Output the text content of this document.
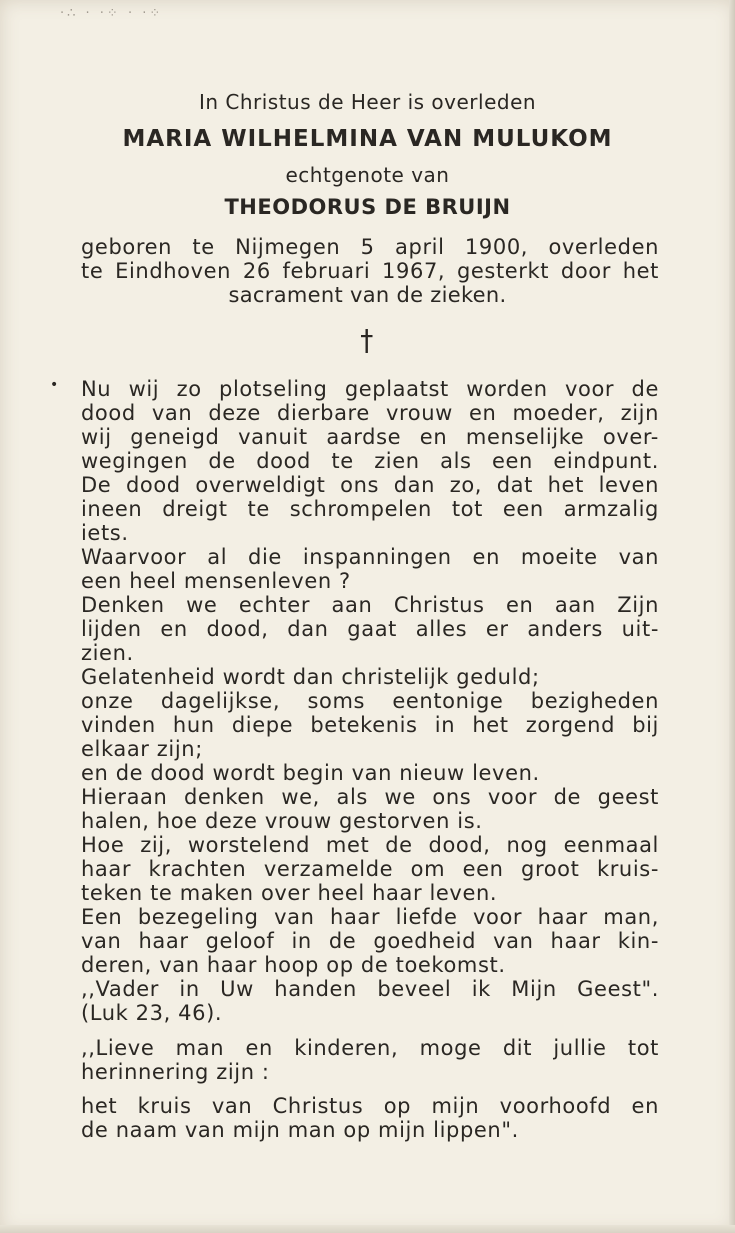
·∴ · ·⁘ · ·⁘
In Christus de Heer is overleden
MARIA WILHELMINA VAN MULUKOM
echtgenote van
THEODORUS DE BRUIJN
geboren te Nijmegen 5 april 1900, overleden
te Eindhoven 26 februari 1967, gesterkt door het
sacrament van de zieken.
• Nu wij zo plotseling geplaatst worden voor de
dood van deze dierbare vrouw en moeder, zijn
wij geneigd vanuit aardse en menselijke over-
wegingen de dood te zien als een eindpunt.
De dood overweldigt ons dan zo, dat het leven
ineen dreigt te schrompelen tot een armzalig
iets.
Waarvoor al die inspanningen en moeite van
een heel mensenleven ?
Denken we echter aan Christus en aan Zijn
lijden en dood, dan gaat alles er anders uit-
zien.
Gelatenheid wordt dan christelijk geduld;
onze dagelijkse, soms eentonige bezigheden
vinden hun diepe betekenis in het zorgend bij
elkaar zijn;
en de dood wordt begin van nieuw leven.
Hieraan denken we, als we ons voor de geest
halen, hoe deze vrouw gestorven is.
Hoe zij, worstelend met de dood, nog eenmaal
haar krachten verzamelde om een groot kruis-
teken te maken over heel haar leven.
Een bezegeling van haar liefde voor haar man,
van haar geloof in de goedheid van haar kin-
deren, van haar hoop op de toekomst.
,,Vader in Uw handen beveel ik Mijn Geest".
(Luk 23, 46).
,,Lieve man en kinderen, moge dit jullie tot
herinnering zijn :
het kruis van Christus op mijn voorhoofd en
de naam van mijn man op mijn lippen".
